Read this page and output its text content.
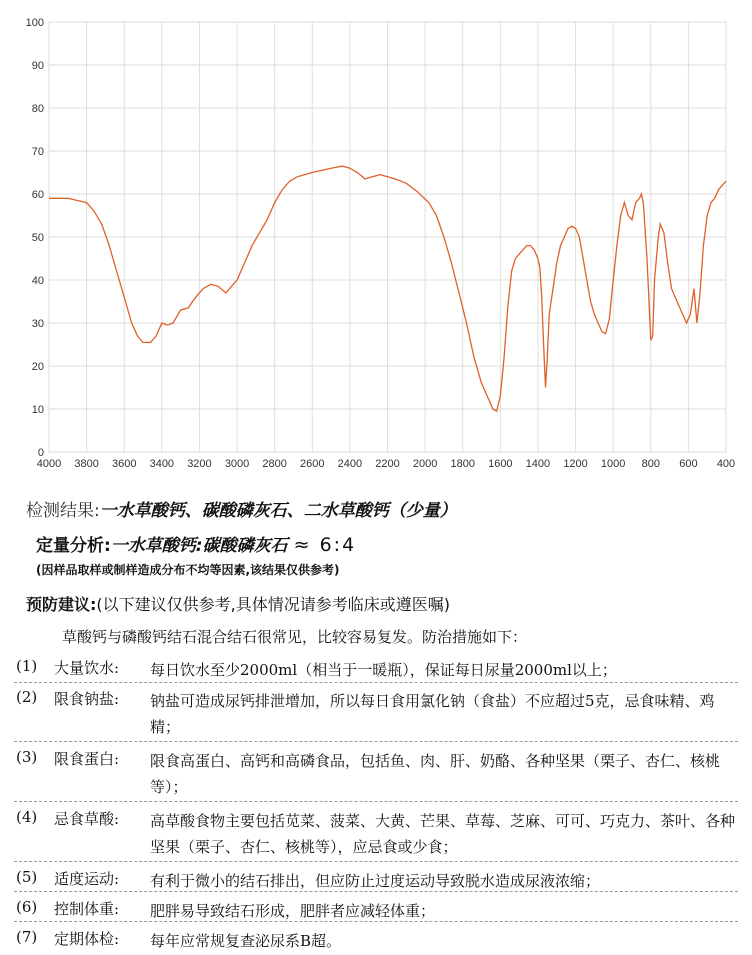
4000 3800 3600 3400 3200 3000 2800 2600 2400 2200 2000 1800 1600 1400 1200 1000 800 600 400
0
10
20
30
40
50
60
70
80
90
100
检测结果:一水草酸钙、碳酸磷灰石、二水草酸钙（少量）
定量分析:一水草酸钙:碳酸磷灰石 ≈ 6:4
(因样品取样或制样造成分布不均等因素,该结果仅供参考)
预防建议:(以下建议仅供参考,具体情况请参考临床或遵医嘱)
草酸钙与磷酸钙结石混合结石很常见，比较容易复发。防治措施如下：
(1) 大量饮水: 每日饮水至少2000ml（相当于一暖瓶），保证每日尿量2000ml以上；
(2) 限食钠盐: 钠盐可造成尿钙排泄增加，所以每日食用氯化钠（食盐）不应超过5克，忌食味精、鸡精；
(3) 限食蛋白: 限食高蛋白、高钙和高磷食品，包括鱼、肉、肝、奶酪、各种坚果（栗子、杏仁、核桃等）；
(4) 忌食草酸: 高草酸食物主要包括苋菜、菠菜、大黄、芒果、草莓、芝麻、可可、巧克力、茶叶、各种坚果（栗子、杏仁、核桃等），应忌食或少食；
(5) 适度运动: 有利于微小的结石排出，但应防止过度运动导致脱水造成尿液浓缩；
(6) 控制体重: 肥胖易导致结石形成，肥胖者应减轻体重；
(7) 定期体检: 每年应常规复查泌尿系B超。
